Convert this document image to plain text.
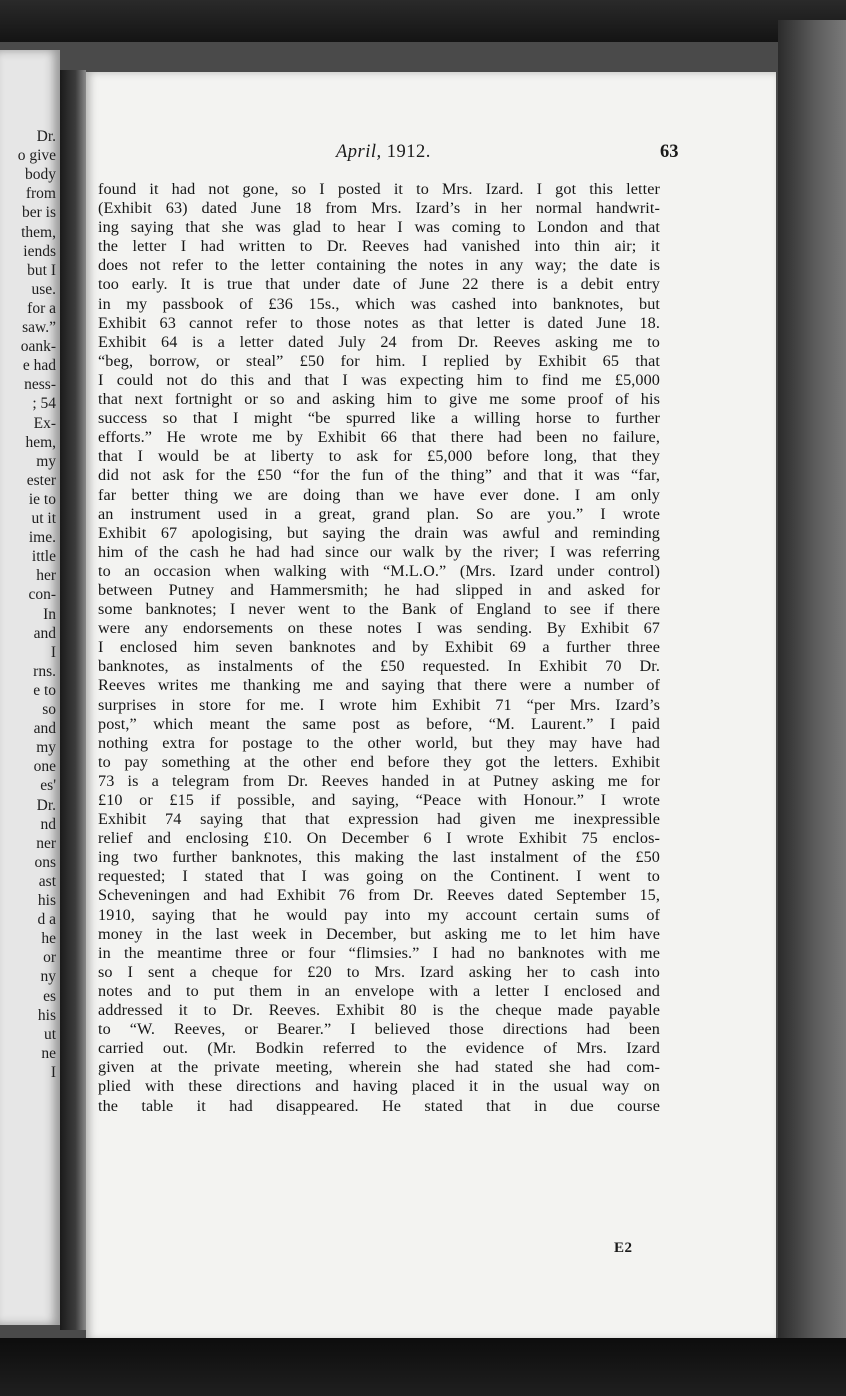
Dr.
o give
body
from
ber is
them,
iends
but I
use.
for a
saw.”
oank-
e had
ness-
; 54
Ex-
hem,
my
ester
ie to
ut it
ime.
ittle
her
con-
In
and
I
rns.
e to
so
and
my
one
es'
Dr.
nd
ner
ons
ast
his
d a
he
or
ny
es
his
ut
ne
I
April, 1912.	63
found it had not gone, so I posted it to Mrs. Izard. I got this letter
(Exhibit 63) dated June 18 from Mrs. Izard’s in her normal handwrit-
ing saying that she was glad to hear I was coming to London and that
the letter I had written to Dr. Reeves had vanished into thin air; it
does not refer to the letter containing the notes in any way; the date is
too early. It is true that under date of June 22 there is a debit entry
in my passbook of £36 15s., which was cashed into banknotes, but
Exhibit 63 cannot refer to those notes as that letter is dated June 18.
Exhibit 64 is a letter dated July 24 from Dr. Reeves asking me to
“beg, borrow, or steal” £50 for him. I replied by Exhibit 65 that
I could not do this and that I was expecting him to find me £5,000
that next fortnight or so and asking him to give me some proof of his
success so that I might “be spurred like a willing horse to further
efforts.” He wrote me by Exhibit 66 that there had been no failure,
that I would be at liberty to ask for £5,000 before long, that they
did not ask for the £50 “for the fun of the thing” and that it was “far,
far better thing we are doing than we have ever done. I am only
an instrument used in a great, grand plan. So are you.” I wrote
Exhibit 67 apologising, but saying the drain was awful and reminding
him of the cash he had had since our walk by the river; I was referring
to an occasion when walking with “M.L.O.” (Mrs. Izard under control)
between Putney and Hammersmith; he had slipped in and asked for
some banknotes; I never went to the Bank of England to see if there
were any endorsements on these notes I was sending. By Exhibit 67
I enclosed him seven banknotes and by Exhibit 69 a further three
banknotes, as instalments of the £50 requested. In Exhibit 70 Dr.
Reeves writes me thanking me and saying that there were a number of
surprises in store for me. I wrote him Exhibit 71 “per Mrs. Izard’s
post,” which meant the same post as before, “M. Laurent.” I paid
nothing extra for postage to the other world, but they may have had
to pay something at the other end before they got the letters. Exhibit
73 is a telegram from Dr. Reeves handed in at Putney asking me for
£10 or £15 if possible, and saying, “Peace with Honour.” I wrote
Exhibit 74 saying that that expression had given me inexpressible
relief and enclosing £10. On December 6 I wrote Exhibit 75 enclos-
ing two further banknotes, this making the last instalment of the £50
requested; I stated that I was going on the Continent. I went to
Scheveningen and had Exhibit 76 from Dr. Reeves dated September 15,
1910, saying that he would pay into my account certain sums of
money in the last week in December, but asking me to let him have
in the meantime three or four “flimsies.” I had no banknotes with me
so I sent a cheque for £20 to Mrs. Izard asking her to cash into
notes and to put them in an envelope with a letter I enclosed and
addressed it to Dr. Reeves. Exhibit 80 is the cheque made payable
to “W. Reeves, or Bearer.” I believed those directions had been
carried out. (Mr. Bodkin referred to the evidence of Mrs. Izard
given at the private meeting, wherein she had stated she had com-
plied with these directions and having placed it in the usual way on
the table it had disappeared. He stated that in due course
E2
